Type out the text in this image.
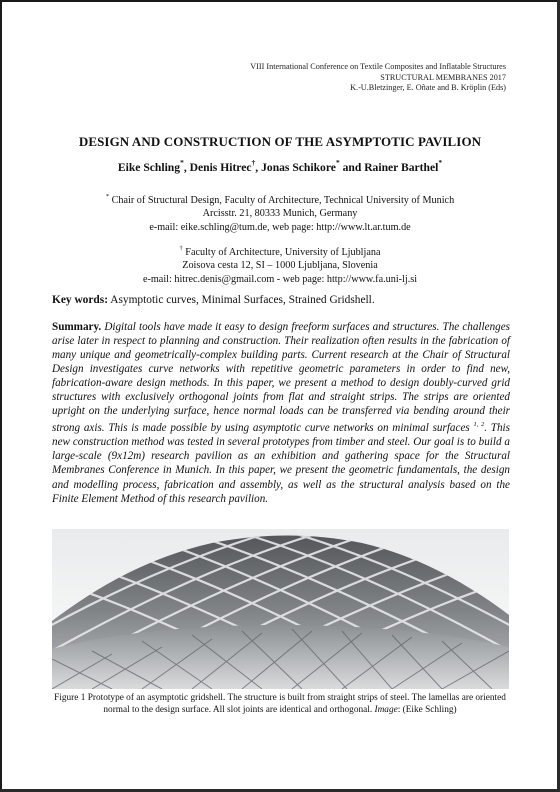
VIII International Conference on Textile Composites and Inflatable Structures
STRUCTURAL MEMBRANES 2017
K.-U.Bletzinger, E. Oñate and B. Kröplin (Eds)
DESIGN AND CONSTRUCTION OF THE ASYMPTOTIC PAVILION
Eike Schling*, Denis Hitrec†, Jonas Schikore* and Rainer Barthel*
* Chair of Structural Design, Faculty of Architecture, Technical University of Munich
Arcisstr. 21, 80333 Munich, Germany
e-mail: eike.schling@tum.de, web page: http://www.lt.ar.tum.de
† Faculty of Architecture, University of Ljubljana
Zoisova cesta 12, SI – 1000 Ljubljana, Slovenia
e-mail: hitrec.denis@gmail.com - web page: http://www.fa.uni-lj.si
Key words: Asymptotic curves, Minimal Surfaces, Strained Gridshell.
Summary. Digital tools have made it easy to design freeform surfaces and structures. The challenges arise later in respect to planning and construction. Their realization often results in the fabrication of many unique and geometrically-complex building parts. Current research at the Chair of Structural Design investigates curve networks with repetitive geometric parameters in order to find new, fabrication-aware design methods. In this paper, we present a method to design doubly-curved grid structures with exclusively orthogonal joints from flat and straight strips. The strips are oriented upright on the underlying surface, hence normal loads can be transferred via bending around their strong axis. This is made possible by using asymptotic curve networks on minimal surfaces $^{1, 2}$. This new construction method was tested in several prototypes from timber and steel. Our goal is to build a large-scale (9x12m) research pavilion as an exhibition and gathering space for the Structural Membranes Conference in Munich. In this paper, we present the geometric fundamentals, the design and modelling process, fabrication and assembly, as well as the structural analysis based on the Finite Element Method of this research pavilion.
Figure 1 Prototype of an asymptotic gridshell. The structure is built from straight strips of steel. The lamellas are oriented normal to the design surface. All slot joints are identical and orthogonal. Image: (Eike Schling)
